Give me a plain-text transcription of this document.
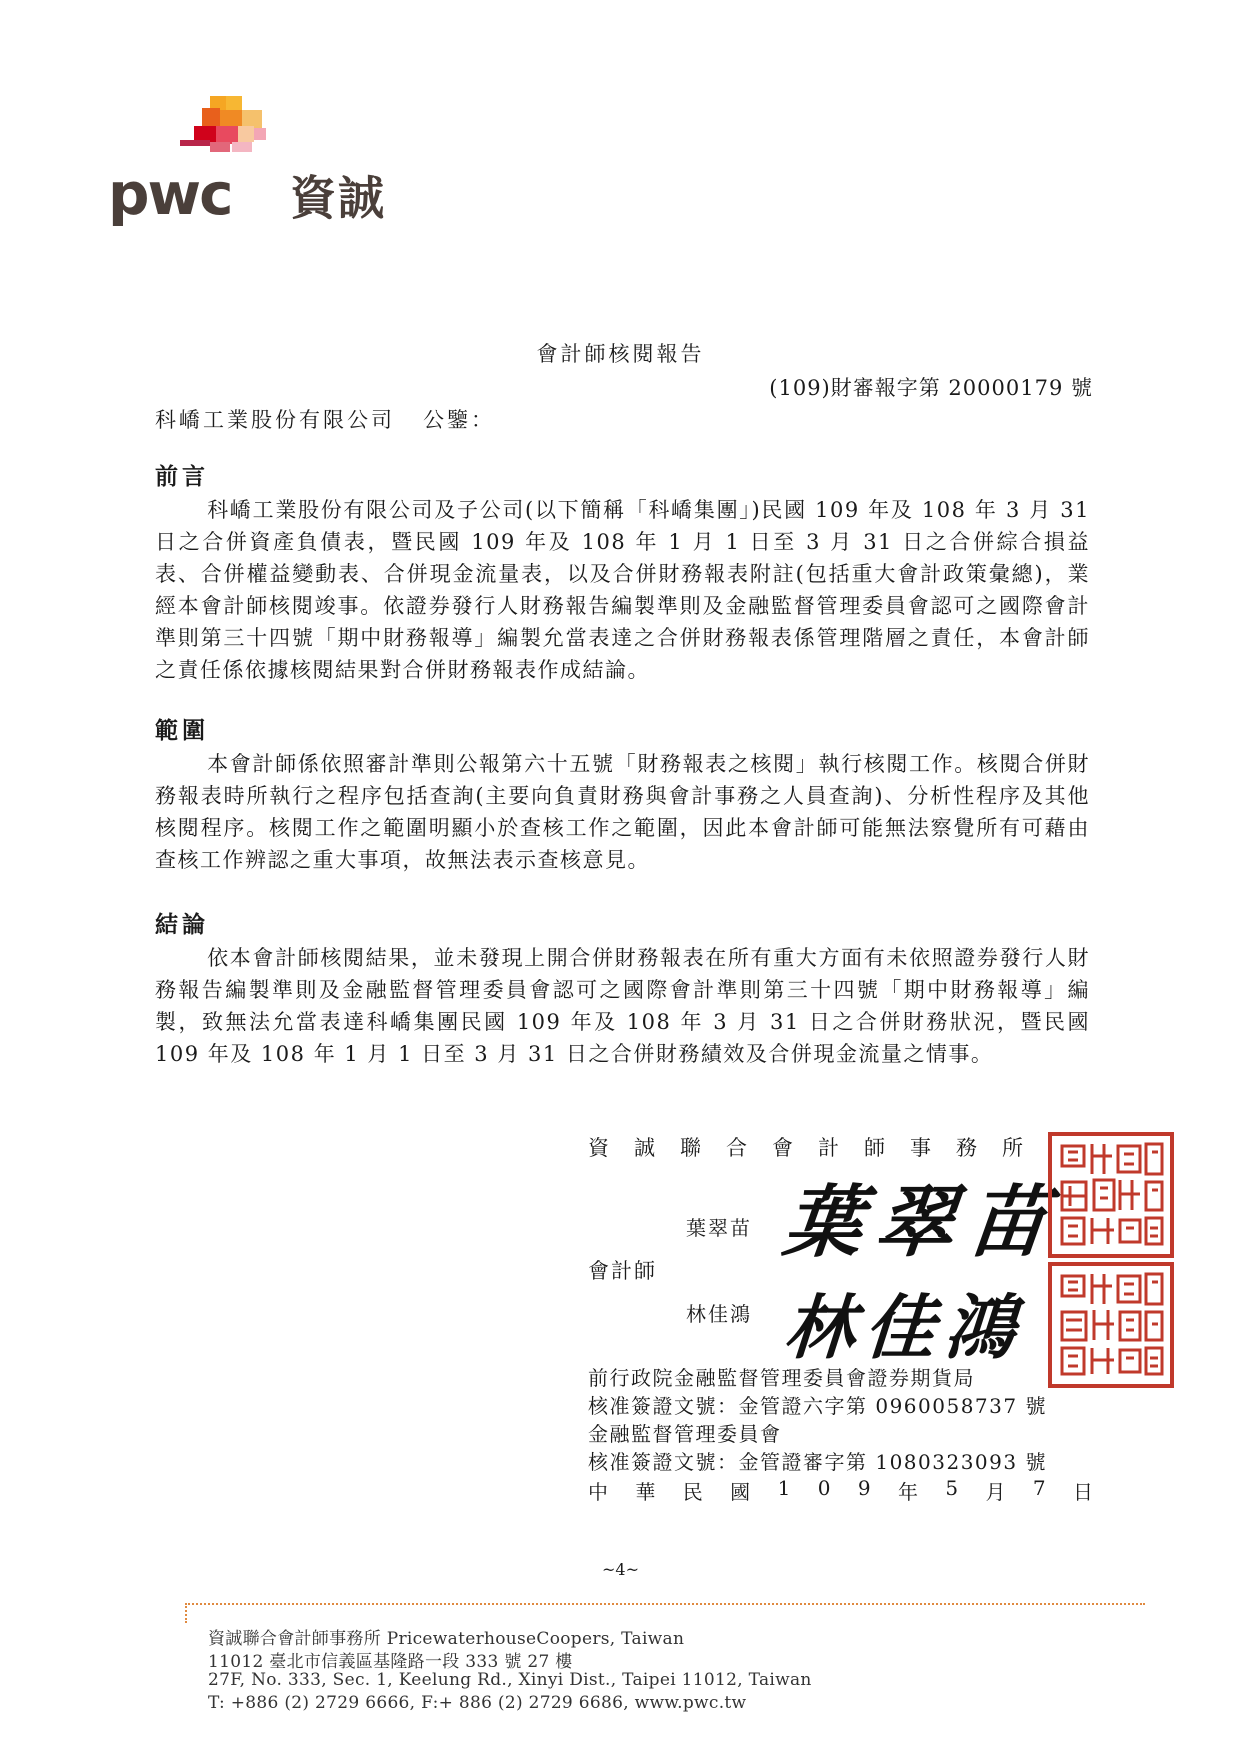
pwc 資誠
會計師核閱報告
(109)財審報字第 20000179 號
科嶠工業股份有限公司 公鑒：
前言
科嶠工業股份有限公司及子公司(以下簡稱「科嶠集團」)民國 109 年及 108 年 3 月 31 日之合併資產負債表，暨民國 109 年及 108 年 1 月 1 日至 3 月 31 日之合併綜合損益表、合併權益變動表、合併現金流量表，以及合併財務報表附註(包括重大會計政策彙總)，業經本會計師核閱竣事。依證券發行人財務報告編製準則及金融監督管理委員會認可之國際會計準則第三十四號「期中財務報導」編製允當表達之合併財務報表係管理階層之責任，本會計師之責任係依據核閱結果對合併財務報表作成結論。
範圍
本會計師係依照審計準則公報第六十五號「財務報表之核閱」執行核閱工作。核閱合併財務報表時所執行之程序包括查詢(主要向負責財務與會計事務之人員查詢)、分析性程序及其他核閱程序。核閱工作之範圍明顯小於查核工作之範圍，因此本會計師可能無法察覺所有可藉由查核工作辨認之重大事項，故無法表示查核意見。
結論
依本會計師核閱結果，並未發現上開合併財務報表在所有重大方面有未依照證券發行人財務報告編製準則及金融監督管理委員會認可之國際會計準則第三十四號「期中財務報導」編製，致無法允當表達科嶠集團民國 109 年及 108 年 3 月 31 日之合併財務狀況，暨民國 109 年及 108 年 1 月 1 日至 3 月 31 日之合併財務績效及合併現金流量之情事。
資誠聯合會計師事務所
葉翠苗
會計師
林佳鴻
葉翠苗
林佳鴻
前行政院金融監督管理委員會證券期貨局
核准簽證文號：金管證六字第 0960058737 號
金融監督管理委員會
核准簽證文號：金管證審字第 1080323093 號
中 華 民 國 1 0 9 年 5 月 7 日
~4~
資誠聯合會計師事務所 PricewaterhouseCoopers, Taiwan
11012 臺北市信義區基隆路一段 333 號 27 樓
27F, No. 333, Sec. 1, Keelung Rd., Xinyi Dist., Taipei 11012, Taiwan
T: +886 (2) 2729 6666, F:+ 886 (2) 2729 6686, www.pwc.tw
